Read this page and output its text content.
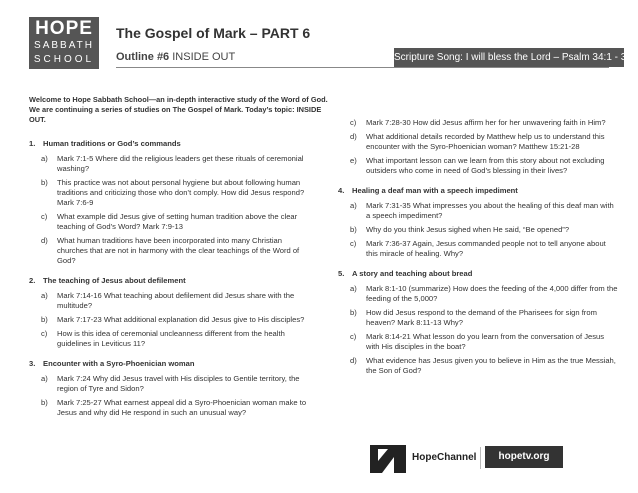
HOPE
SABBATH
SCHOOL
The Gospel of Mark – PART 6
Outline #6 INSIDE OUT	Scripture Song: I will bless the Lord – Psalm 34:1 - 3
Welcome to Hope Sabbath School—an in-depth interactive study of the Word of God. We are continuing a series of studies on The Gospel of Mark. Today’s topic: INSIDE OUT.
1.	Human traditions or God’s commands
a)	Mark 7:1-5 Where did the religious leaders get these rituals of ceremonial washing?
b)	This practice was not about personal hygiene but about following human traditions and criticizing those who don’t comply. How did Jesus respond? Mark 7:6-9
c)	What example did Jesus give of setting human tradition above the clear teaching of God’s Word? Mark 7:9-13
d)	What human traditions have been incorporated into many Christian churches that are not in harmony with the clear teachings of the Word of God?
2.	The teaching of Jesus about defilement
a)	Mark 7:14-16 What teaching about defilement did Jesus share with the multitude?
b)	Mark 7:17-23 What additional explanation did Jesus give to His disciples?
c)	How is this idea of ceremonial uncleanness different from the health guidelines in Leviticus 11?
3.	Encounter with a Syro-Phoenician woman
a)	Mark 7:24 Why did Jesus travel with His disciples to Gentile territory, the region of Tyre and Sidon?
b)	Mark 7:25-27 What earnest appeal did a Syro-Phoenician woman make to Jesus and why did He respond in such an unusual way?
c)	Mark 7:28-30 How did Jesus affirm her for her unwavering faith in Him?
d)	What additional details recorded by Matthew help us to understand this encounter with the Syro-Phoenician woman? Matthew 15:21-28
e)	What important lesson can we learn from this story about not excluding outsiders who come in need of God’s blessing in their lives?
4.	Healing a deaf man with a speech impediment
a)	Mark 7:31-35 What impresses you about the healing of this deaf man with a speech impediment?
b)	Why do you think Jesus sighed when He said, “Be opened”?
c)	Mark 7:36-37 Again, Jesus commanded people not to tell anyone about this miracle of healing. Why?
5.	A story and teaching about bread
a)	Mark 8:1-10 (summarize) How does the feeding of the 4,000 differ from the feeding of the 5,000?
b)	How did Jesus respond to the demand of the Pharisees for sign from heaven? Mark 8:11-13 Why?
c)	Mark 8:14-21 What lesson do you learn from the conversation of Jesus with His disciples in the boat?
d)	What evidence has Jesus given you to believe in Him as the true Messiah, the Son of God?
HopeChannel	hopetv.org
